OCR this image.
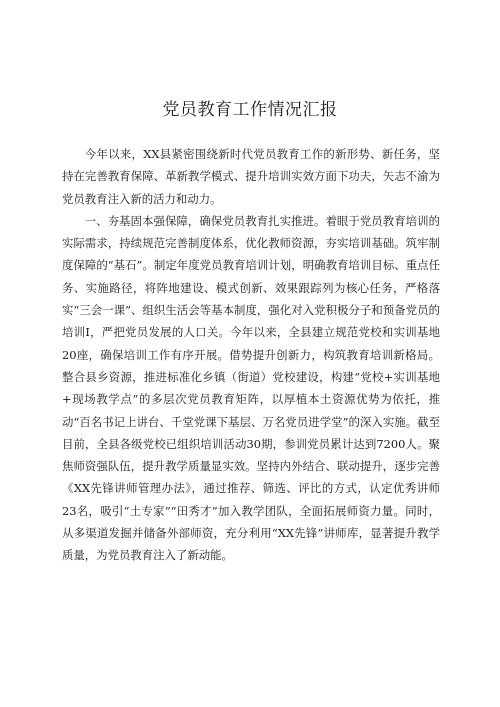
党员教育工作情况汇报

今年以来，XX县紧密围绕新时代党员教育工作的新形势、新任务，坚持在完善教育保障、革新教学模式、提升培训实效方面下功夫，矢志不渝为党员教育注入新的活力和动力。

一、夯基固本强保障，确保党员教育扎实推进。着眼于党员教育培训的实际需求，持续规范完善制度体系，优化教师资源，夯实培训基础。筑牢制度保障的“基石”。制定年度党员教育培训计划，明确教育培训目标、重点任务、实施路径，将阵地建设、模式创新、效果跟踪列为核心任务，严格落实“三会一课”、组织生活会等基本制度，强化对入党积极分子和预备党员的培训I，严把党员发展的人口关。今年以来，全县建立规范党校和实训基地20座，确保培训工作有序开展。借势提升创新力，构筑教育培训新格局。整合县乡资源，推进标准化乡镇（街道）党校建设，构建“党校+实训基地+现场教学点”的多层次党员教育矩阵，以厚植本土资源优势为依托，推动“百名书记上讲台、千堂党课下基层、万名党员进学堂”的深入实施。截至目前，全县各级党校已组织培训活动30期，参训党员累计达到7200人。聚焦师资强队伍，提升教学质量显实效。坚持内外结合、联动提升，逐步完善《XX先锋讲师管理办法》，通过推荐、筛选、评比的方式，认定优秀讲师23名，吸引“土专家”“田秀才”加入教学团队，全面拓展师资力量。同时，从多渠道发掘并储备外部师资，充分利用“XX先锋”讲师库，显著提升教学质量，为党员教育注入了新动能。
